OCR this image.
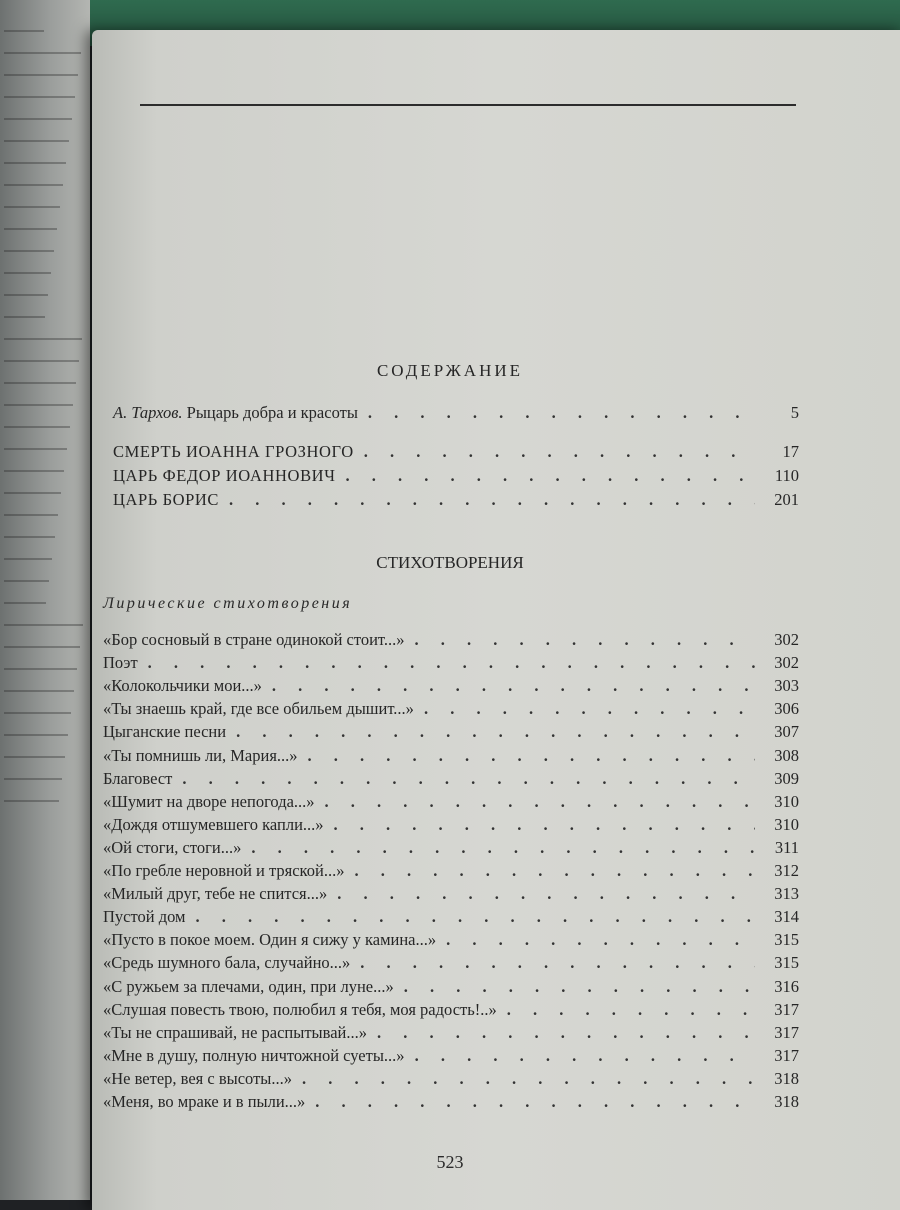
СОДЕРЖАНИЕ
А. Тархов. Рыцарь добра и красоты . . .	5
СМЕРТЬ ИОАННА ГРОЗНОГО . . .	17
ЦАРЬ ФЕДОР ИОАННОВИЧ . . .	110
ЦАРЬ БОРИС . . .	201
СТИХОТВОРЕНИЯ
Лирические стихотворения
«Бор сосновый в стране одинокой стоит...» . . .	302
Поэт . . .	302
«Колокольчики мои...» . . .	303
«Ты знаешь край, где все обильем дышит...» . . .	306
Цыганские песни . . .	307
«Ты помнишь ли, Мария...» . . .	308
Благовест . . .	309
«Шумит на дворе непогода...» . . .	310
«Дождя отшумевшего капли...» . . .	310
«Ой стоги, стоги...» . . .	311
«По гребле неровной и тряской...» . . .	312
«Милый друг, тебе не спится...» . . .	313
Пустой дом . . .	314
«Пусто в покое моем. Один я сижу у камина...» . . .	315
«Средь шумного бала, случайно...» . . .	315
«С ружьем за плечами, один, при луне...» . . .	316
«Слушая повесть твою, полюбил я тебя, моя радость!..» . . .	317
«Ты не спрашивай, не распытывай...» . . .	317
«Мне в душу, полную ничтожной суеты...» . . .	317
«Не ветер, вея с высоты...» . . .	318
«Меня, во мраке и в пыли...» . . .	318
523
